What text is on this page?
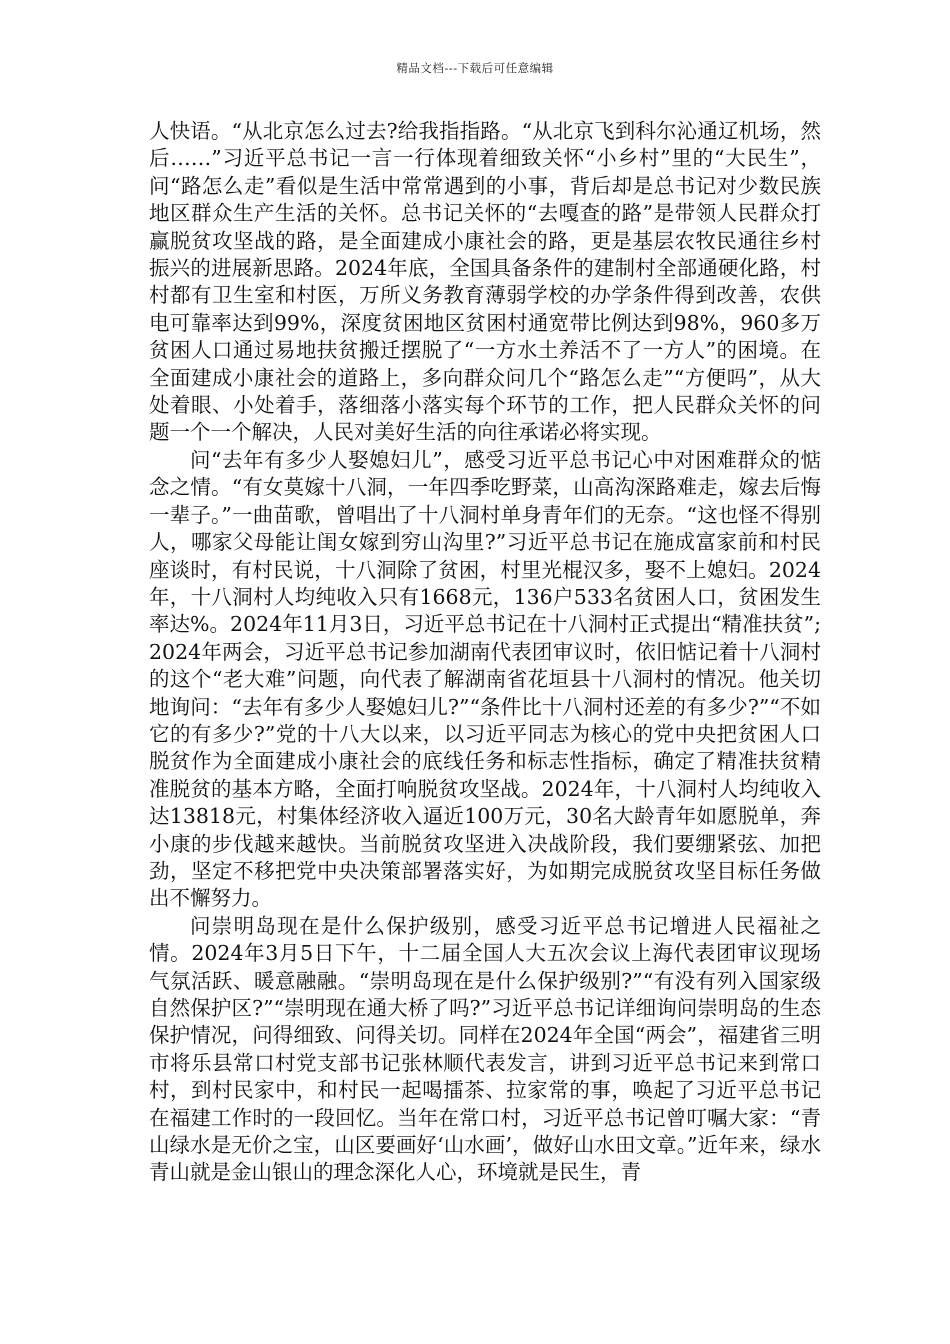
精品文档---下载后可任意编辑

人快语。“从北京怎么过去?给我指指路。“从北京飞到科尔沁通辽机场，然后……”习近平总书记一言一行体现着细致关怀“小乡村”里的“大民生”，问“路怎么走”看似是生活中常常遇到的小事，背后却是总书记对少数民族地区群众生产生活的关怀。总书记关怀的“去嘎查的路”是带领人民群众打赢脱贫攻坚战的路，是全面建成小康社会的路，更是基层农牧民通往乡村振兴的进展新思路。2024年底，全国具备条件的建制村全部通硬化路，村村都有卫生室和村医，万所义务教育薄弱学校的办学条件得到改善，农供电可靠率达到99%，深度贫困地区贫困村通宽带比例达到98%，960多万贫困人口通过易地扶贫搬迁摆脱了“一方水土养活不了一方人”的困境。在全面建成小康社会的道路上，多向群众问几个“路怎么走”“方便吗”，从大处着眼、小处着手，落细落小落实每个环节的工作，把人民群众关怀的问题一个一个解决，人民对美好生活的向往承诺必将实现。

问“去年有多少人娶媳妇儿”，感受习近平总书记心中对困难群众的惦念之情。“有女莫嫁十八洞，一年四季吃野菜，山高沟深路难走，嫁去后悔一辈子。”一曲苗歌，曾唱出了十八洞村单身青年们的无奈。“这也怪不得别人，哪家父母能让闺女嫁到穷山沟里?”习近平总书记在施成富家前和村民座谈时，有村民说，十八洞除了贫困，村里光棍汉多，娶不上媳妇。2024年，十八洞村人均纯收入只有1668元，136户533名贫困人口，贫困发生率达%。2024年11月3日，习近平总书记在十八洞村正式提出“精准扶贫”;2024年两会，习近平总书记参加湖南代表团审议时，依旧惦记着十八洞村的这个“老大难”问题，向代表了解湖南省花垣县十八洞村的情况。他关切地询问：“去年有多少人娶媳妇儿?”“条件比十八洞村还差的有多少?”“不如它的有多少?”党的十八大以来，以习近平同志为核心的党中央把贫困人口脱贫作为全面建成小康社会的底线任务和标志性指标，确定了精准扶贫精准脱贫的基本方略，全面打响脱贫攻坚战。2024年，十八洞村人均纯收入达13818元，村集体经济收入逼近100万元，30名大龄青年如愿脱单，奔小康的步伐越来越快。当前脱贫攻坚进入决战阶段，我们要绷紧弦、加把劲，坚定不移把党中央决策部署落实好，为如期完成脱贫攻坚目标任务做出不懈努力。

问崇明岛现在是什么保护级别，感受习近平总书记增进人民福祉之情。2024年3月5日下午，十二届全国人大五次会议上海代表团审议现场气氛活跃、暖意融融。“崇明岛现在是什么保护级别?”“有没有列入国家级自然保护区?”“崇明现在通大桥了吗?”习近平总书记详细询问崇明岛的生态保护情况，问得细致、问得关切。同样在2024年全国“两会”，福建省三明市将乐县常口村党支部书记张林顺代表发言，讲到习近平总书记来到常口村，到村民家中，和村民一起喝擂茶、拉家常的事，唤起了习近平总书记在福建工作时的一段回忆。当年在常口村，习近平总书记曾叮嘱大家：“青山绿水是无价之宝，山区要画好‘山水画’，做好山水田文章。”近年来，绿水青山就是金山银山的理念深化人心，环境就是民生，青
